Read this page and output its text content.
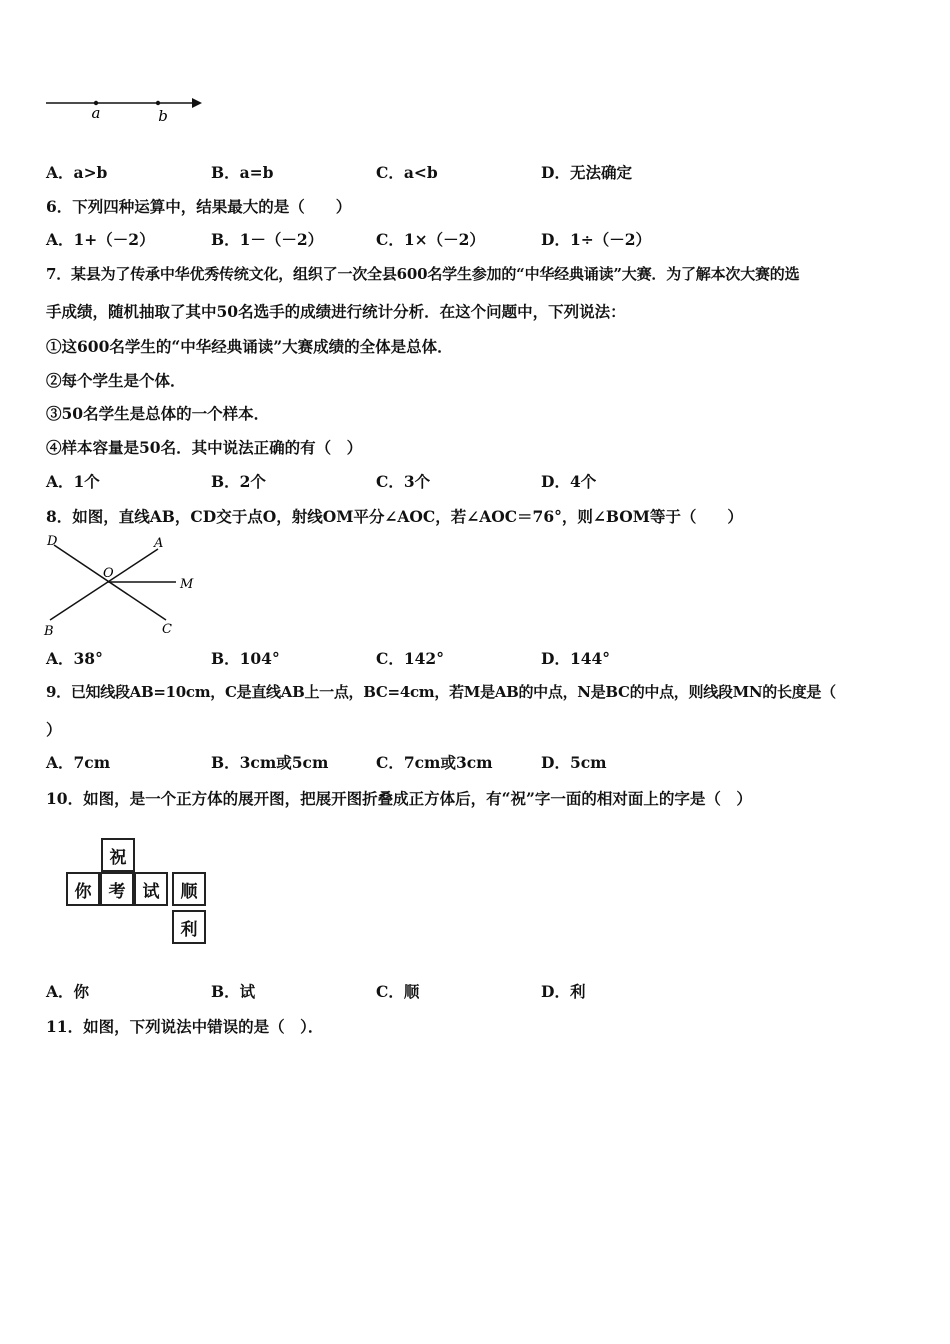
a	b
A．a>b	B．a=b	C．a<b	D．无法确定
6．下列四种运算中，结果最大的是（　　）
A．1+（－2）	B．1－（－2）	C．1×（－2）	D．1÷（－2）
7．某县为了传承中华优秀传统文化，组织了一次全县600名学生参加的“中华经典诵读”大赛．为了解本次大赛的选
手成绩，随机抽取了其中50名选手的成绩进行统计分析．在这个问题中，下列说法：
①这600名学生的“中华经典诵读”大赛成绩的全体是总体．
②每个学生是个体．
③50名学生是总体的一个样本．
④样本容量是50名．其中说法正确的有（　）
A．1个	B．2个	C．3个	D．4个
8．如图，直线AB，CD交于点O，射线OM平分∠AOC，若∠AOC＝76°，则∠BOM等于（　　）
D	A
O
M
B	C
A．38°	B．104°	C．142°	D．144°
9．已知线段AB=10cm，C是直线AB上一点，BC=4cm，若M是AB的中点，N是BC的中点，则线段MN的长度是（
）
A．7cm	B．3cm或5cm	C．7cm或3cm	D．5cm
10．如图，是一个正方体的展开图，把展开图折叠成正方体后，有“祝”字一面的相对面上的字是（　）
祝
你	考	试	顺
利
A．你	B．试	C．顺	D．利
11．如图，下列说法中错误的是（　）．
